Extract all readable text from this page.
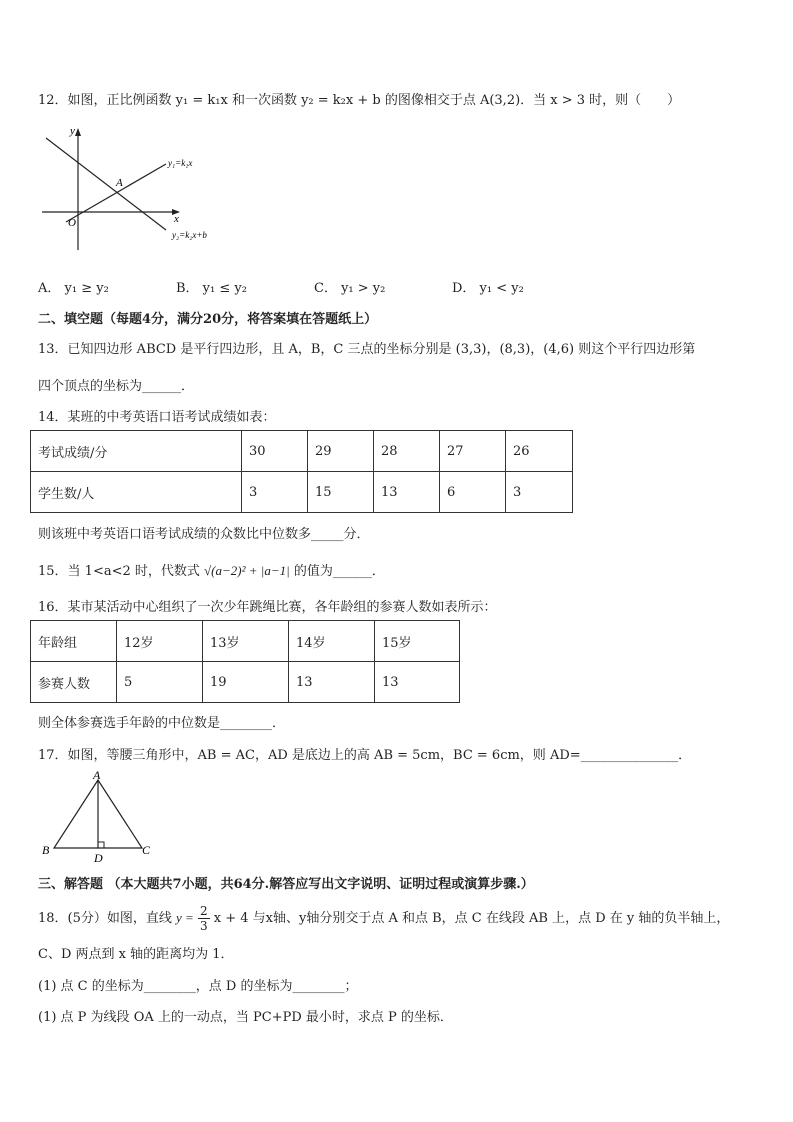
12．如图，正比例函数 y₁ = k₁x 和一次函数 y₂ = k₂x + b 的图像相交于点 A(3,2)．当 x > 3 时，则（　　）
y
x
O
A
y₁=k₁x
y₂=k₂x+b
A． y₁ ≥ y₂	B． y₁ ≤ y₂	C． y₁ > y₂	D． y₁ < y₂
二、填空题（每题4分，满分20分，将答案填在答题纸上）
13．已知四边形 ABCD 是平行四边形，且 A，B，C 三点的坐标分别是 (3,3)，(8,3)，(4,6) 则这个平行四边形第
四个顶点的坐标为______．
14．某班的中考英语口语考试成绩如表：
考试成绩/分	30	29	28	27	26
学生数/人	3	15	13	6	3
则该班中考英语口语考试成绩的众数比中位数多_____分．
15．当 1<a<2 时，代数式 √(a−2)² + |a−1| 的值为______．
16．某市某活动中心组织了一次少年跳绳比赛，各年龄组的参赛人数如表所示：
年龄组	12岁	13岁	14岁	15岁
参赛人数	5	19	13	13
则全体参赛选手年龄的中位数是________．
17．如图，等腰三角形中，AB = AC，AD 是底边上的高 AB = 5cm，BC = 6cm，则 AD=_______________．
A
B	C
D
三、解答题 （本大题共7小题，共64分.解答应写出文字说明、证明过程或演算步骤.）
18．(5分）如图，直线 $y = \frac{2}{3}$ x + 4 与x轴、y轴分别交于点 A 和点 B，点 C 在线段 AB 上，点 D 在 y 轴的负半轴上，
C、D 两点到 x 轴的距离均为 1．
(1) 点 C 的坐标为________，点 D 的坐标为________；
(1) 点 P 为线段 OA 上的一动点，当 PC+PD 最小时，求点 P 的坐标．
